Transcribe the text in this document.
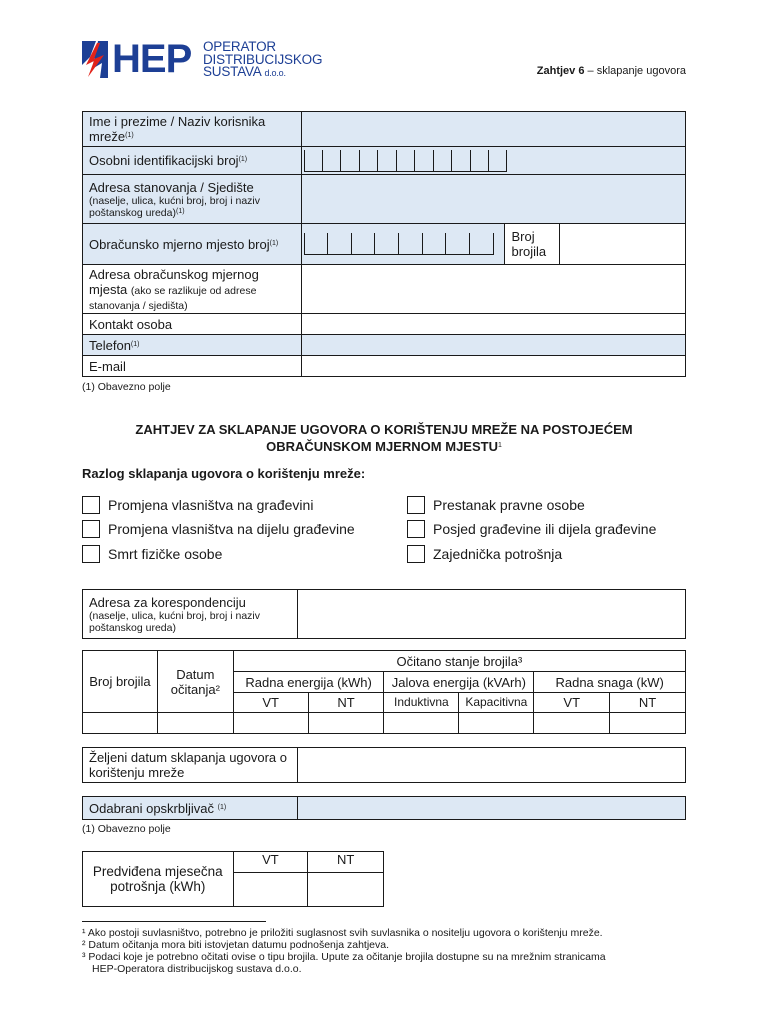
HEP OPERATOR
DISTRIBUCIJSKOG
SUSTAVA d.o.o.	Zahtjev 6 – sklapanje ugovora
Ime i prezime / Naziv korisnika mreže$^{(1)}$	
Osobni identifikacijski broj$^{(1)}$	

Adresa stanovanja / Sjedište
(naselje, ulica, kućni broj, broj i naziv poštanskog ureda)$^{(1)}$

Obračunsko mjerno mjesto broj$^{(1)}$		Broj brojila	
Adresa obračunskog mjernog mjesta (ako se razlikuje od adrese stanovanja / sjedišta)			
Kontakt osoba			
Telefon$^{(1)}$	
E-mail			
(1) Obavezno polje
ZAHTJEV ZA SKLAPANJE UGOVORA O KORIŠTENJU MREŽE NA POSTOJEĆEM
OBRAČUNSKOM MJERNOM MJESTU$^1$
Razlog sklapanja ugovora o korištenju mreže:
Promjena vlasništva na građevini
Promjena vlasništva na dijelu građevine
Smrt fizičke osobe
Prestanak pravne osobe
Posjed građevine ili dijela građevine
Zajednička potrošnja
Adresa za korespondenciju
(naselje, ulica, kućni broj, broj i naziv poštanskog ureda)

Broj brojila	Datum očitanja²	Očitano stanje brojila³					
		Radna energija (kWh)		Jalova energija (kVArh)		Radna snaga (kW)	
		VT	NT	Induktivna	Kapacitivna	VT	NT

Željeni datum sklapanja ugovora o korištenju mreže	
Odabrani opskrbljivač $^{(1)}$	
(1) Obavezno polje
Predviđena mjesečna potrošnja (kWh)	VT	NT

¹ Ako postoji suvlasništvo, potrebno je priložiti suglasnost svih suvlasnika o nositelju ugovora o korištenju mreže.
² Datum očitanja mora biti istovjetan datumu podnošenja zahtjeva.
³ Podaci koje je potrebno očitati ovise o tipu brojila. Upute za očitanje brojila dostupne su na mrežnim stranicama
HEP-Operatora distribucijskog sustava d.o.o.
